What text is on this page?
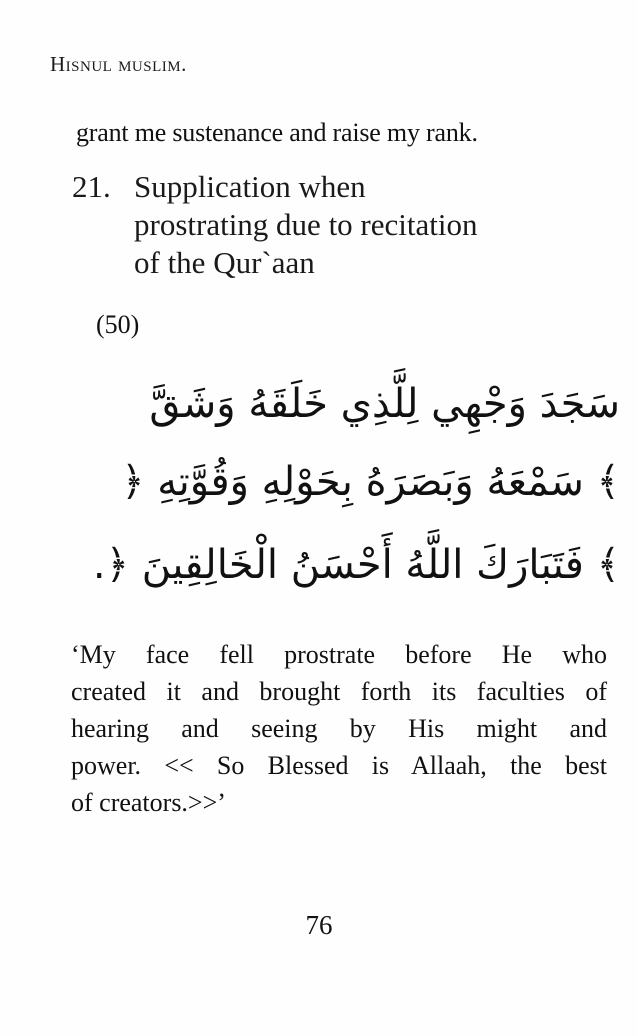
Hisnul muslim.
grant me sustenance and raise my rank.
21. Supplication when
prostrating due to recitation
of the Qur`aan
(50)
سَجَدَ وَجْهِي لِلَّذِي خَلَقَهُ وَشَقَّ
﴾ سَمْعَهُ وَبَصَرَهُ بِحَوْلِهِ وَقُوَّتِهِ ﴿
﴾ فَتَبَارَكَ اللَّهُ أَحْسَنُ الْخَالِقِينَ ﴿.
‘My face fell prostrate before He who
created it and brought forth its faculties of
hearing and seeing by His might and
power. << So Blessed is Allaah, the best
of creators.>>’
76
